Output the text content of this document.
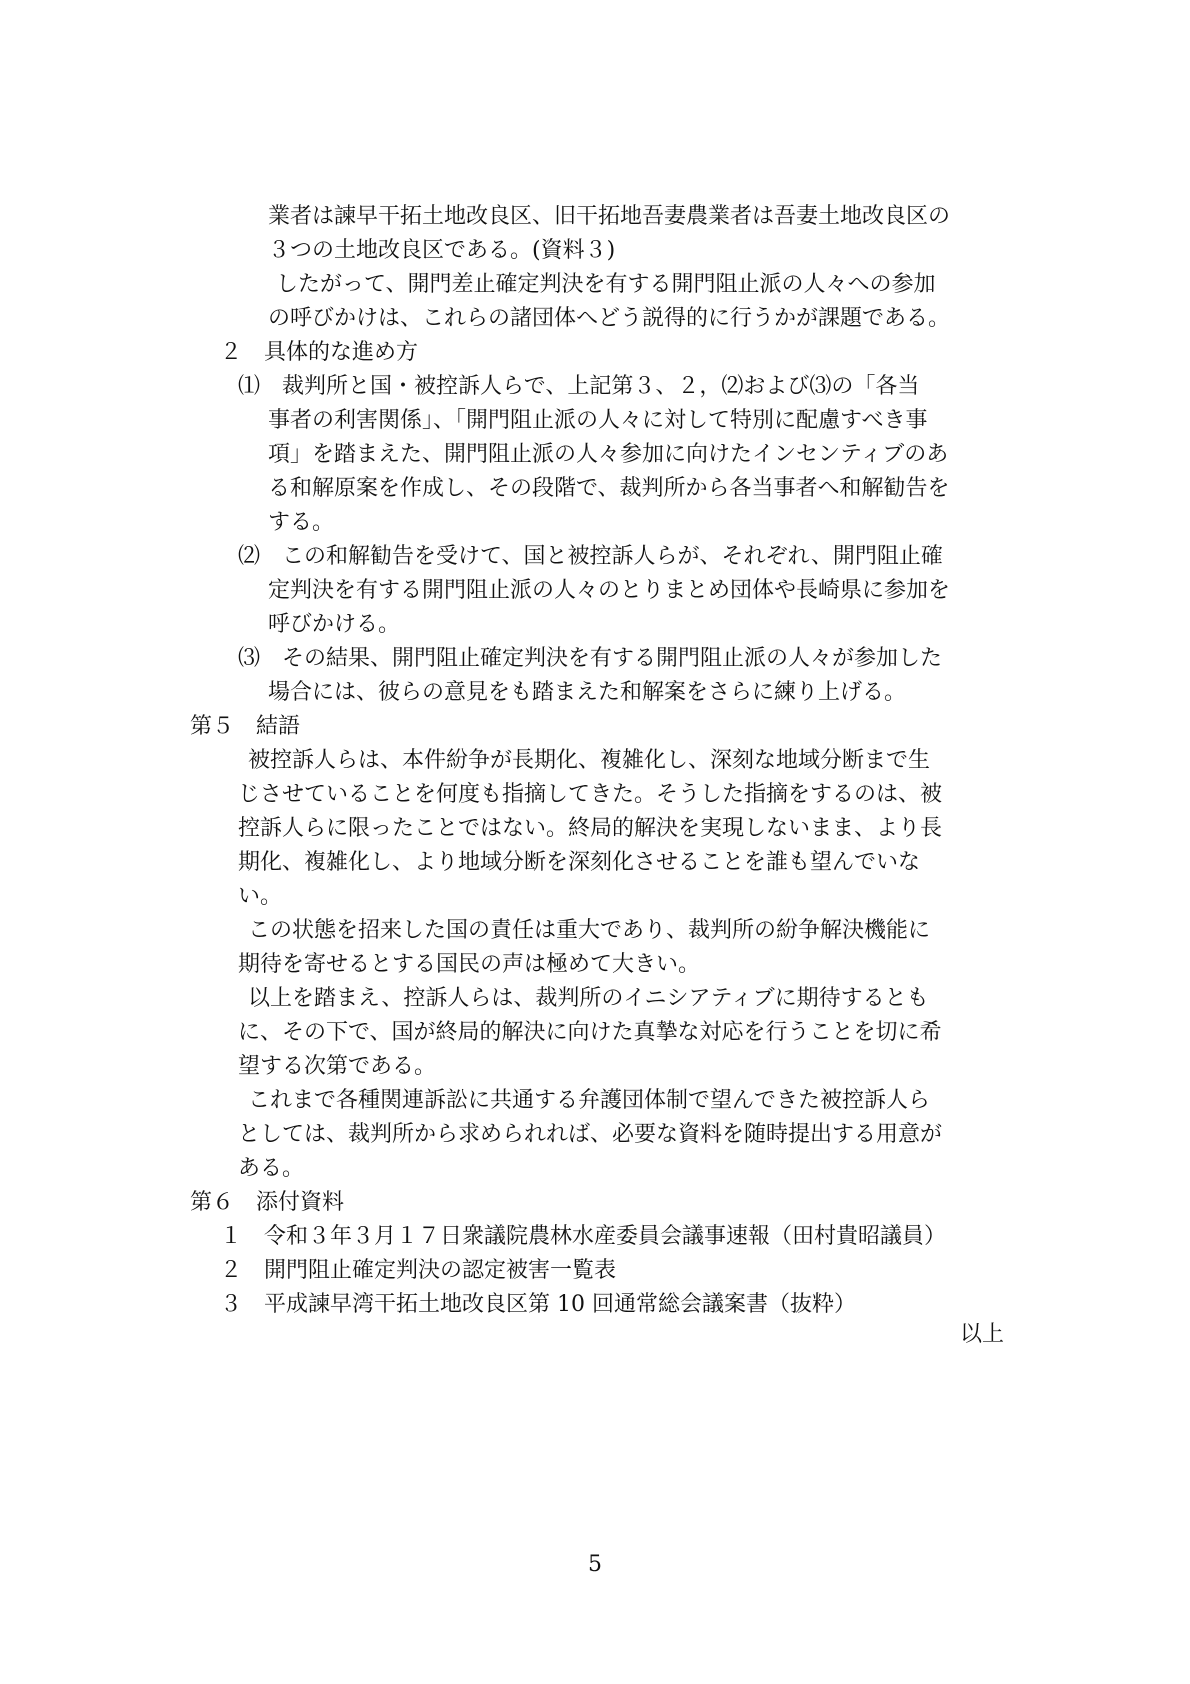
業者は諫早干拓土地改良区、旧干拓地吾妻農業者は吾妻土地改良区の
３つの土地改良区である。(資料３)
したがって、開門差止確定判決を有する開門阻止派の人々への参加
の呼びかけは、これらの諸団体へどう説得的に行うかが課題である。
２　具体的な進め方
⑴　裁判所と国・被控訴人らで、上記第３、２，⑵および⑶の「各当
事者の利害関係」、「開門阻止派の人々に対して特別に配慮すべき事
項」を踏まえた、開門阻止派の人々参加に向けたインセンティブのあ
る和解原案を作成し、その段階で、裁判所から各当事者へ和解勧告を
する。
⑵　この和解勧告を受けて、国と被控訴人らが、それぞれ、開門阻止確
定判決を有する開門阻止派の人々のとりまとめ団体や長崎県に参加を
呼びかける。
⑶　その結果、開門阻止確定判決を有する開門阻止派の人々が参加した
場合には、彼らの意見をも踏まえた和解案をさらに練り上げる。
第５　結語
被控訴人らは、本件紛争が長期化、複雑化し、深刻な地域分断まで生
じさせていることを何度も指摘してきた。そうした指摘をするのは、被
控訴人らに限ったことではない。終局的解決を実現しないまま、より長
期化、複雑化し、より地域分断を深刻化させることを誰も望んでいな
い。
この状態を招来した国の責任は重大であり、裁判所の紛争解決機能に
期待を寄せるとする国民の声は極めて大きい。
以上を踏まえ、控訴人らは、裁判所のイニシアティブに期待するとも
に、その下で、国が終局的解決に向けた真摯な対応を行うことを切に希
望する次第である。
これまで各種関連訴訟に共通する弁護団体制で望んできた被控訴人ら
としては、裁判所から求められれば、必要な資料を随時提出する用意が
ある。
第６　添付資料
１　令和３年３月１７日衆議院農林水産委員会議事速報（田村貴昭議員）
２　開門阻止確定判決の認定被害一覧表
３　平成諫早湾干拓土地改良区第 10 回通常総会議案書（抜粋）
以上
5
